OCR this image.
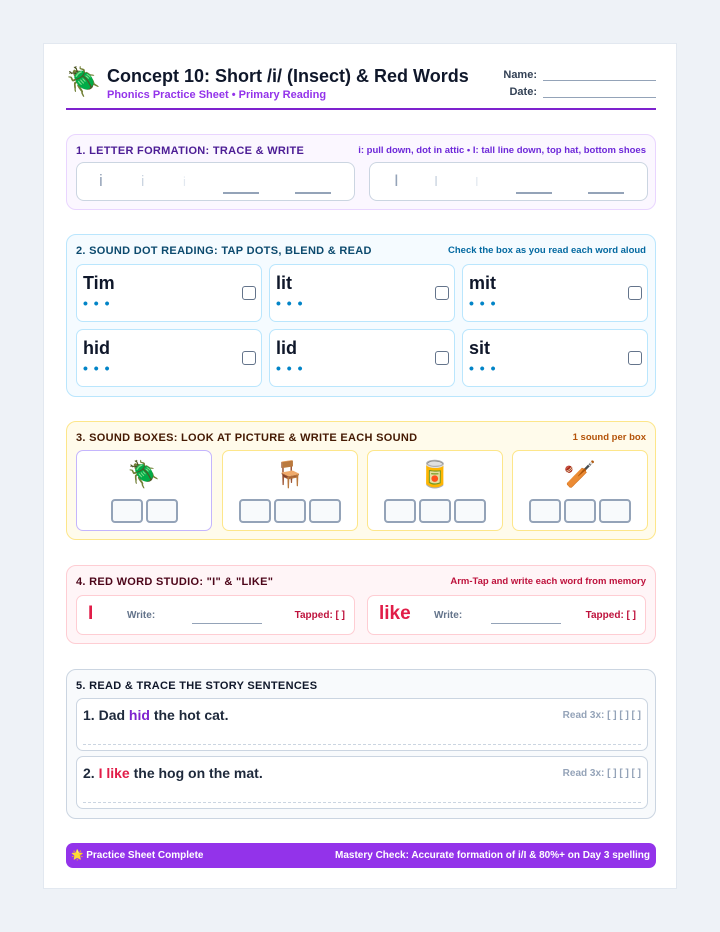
🪲 Concept 10: Short /i/ (Insect) & Red Words
Phonics Practice Sheet • Primary Reading
Name:
Date:
1. LETTER FORMATION: TRACE & WRITE	i: pull down, dot in attic • I: tall line down, top hat, bottom shoes
i	i	i	I I	I
2. SOUND DOT READING: TAP DOTS, BLEND & READ	Check the box as you read each word aloud
Tim
• • •
lit
• • •
mit
• • •
hid
• • •
lid
• • •
sit
• • •
3. SOUND BOXES: LOOK AT PICTURE & WRITE EACH SOUND	1 sound per box
🪲	🪑	🥫	🏏
4. RED WORD STUDIO: "I" & "LIKE"	Arm-Tap and write each word from memory
I	Write:	Tapped: [ ] like Write:	Tapped: [ ]
5. READ & TRACE THE STORY SENTENCES
1. Dad hid the hot cat.	Read 3x: [ ] [ ] [ ]
2. I like the hog on the mat.	Read 3x: [ ] [ ] [ ]
🌟 Practice Sheet Complete	Mastery Check: Accurate formation of i/I & 80%+ on Day 3 spelling
